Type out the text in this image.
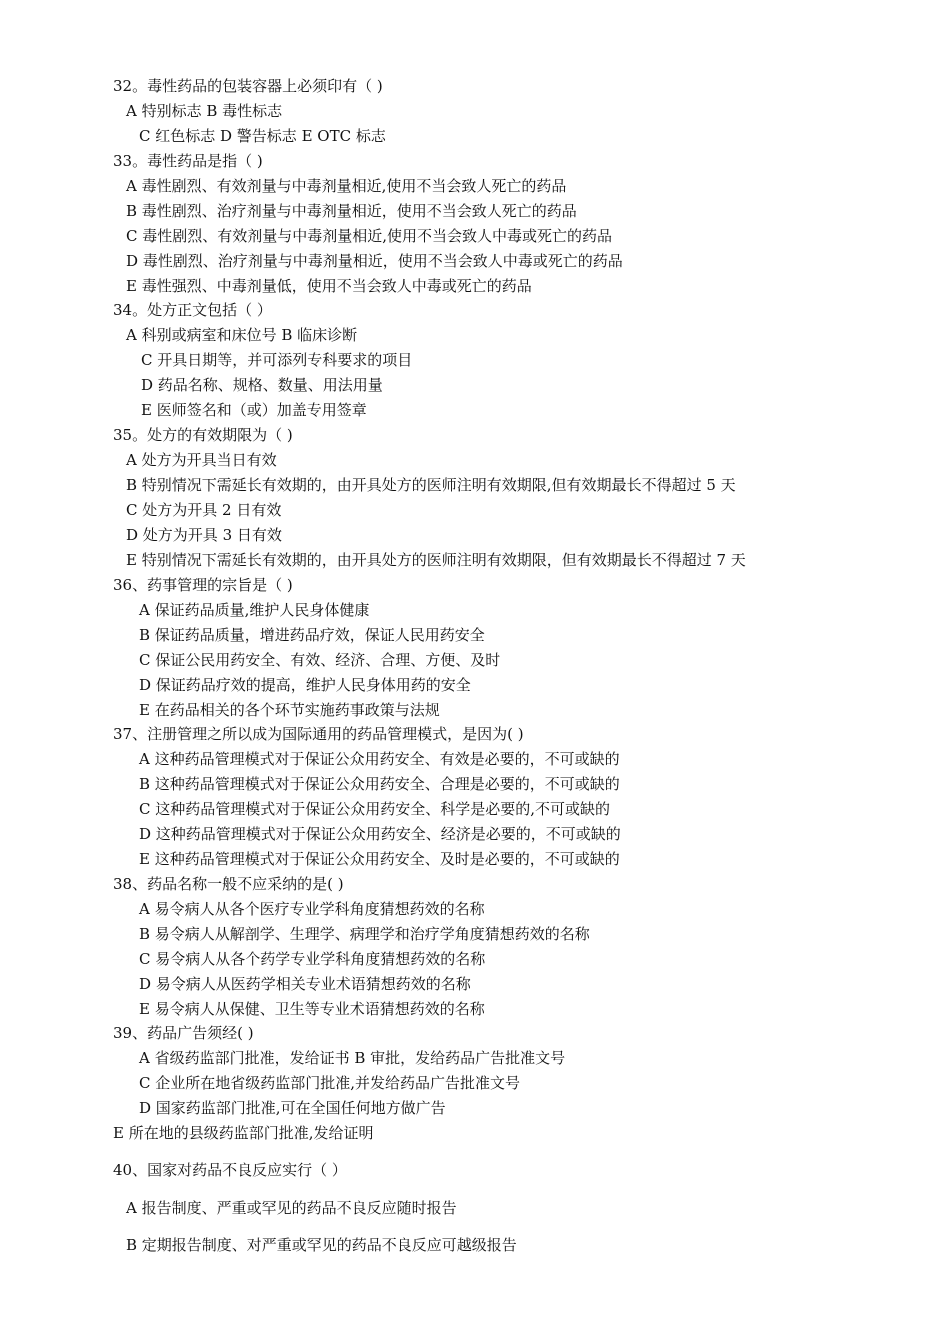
32。毒性药品的包装容器上必须印有（ )
A 特别标志 B 毒性标志
C 红色标志 D 警告标志 E OTC 标志
33。毒性药品是指（ )
A 毒性剧烈、有效剂量与中毒剂量相近,使用不当会致人死亡的药品
B 毒性剧烈、治疗剂量与中毒剂量相近，使用不当会致人死亡的药品
C 毒性剧烈、有效剂量与中毒剂量相近,使用不当会致人中毒或死亡的药品
D 毒性剧烈、治疗剂量与中毒剂量相近，使用不当会致人中毒或死亡的药品
E 毒性强烈、中毒剂量低，使用不当会致人中毒或死亡的药品
34。处方正文包括（ ）
A 科别或病室和床位号 B 临床诊断
C 开具日期等，并可添列专科要求的项目
D 药品名称、规格、数量、用法用量
E 医师签名和（或）加盖专用签章
35。处方的有效期限为（ )
A 处方为开具当日有效
B 特别情况下需延长有效期的，由开具处方的医师注明有效期限,但有效期最长不得超过 5 天
C 处方为开具 2 日有效
D 处方为开具 3 日有效
E 特别情况下需延长有效期的，由开具处方的医师注明有效期限，但有效期最长不得超过 7 天
36、药事管理的宗旨是（ )
A 保证药品质量,维护人民身体健康
B 保证药品质量，增进药品疗效，保证人民用药安全
C 保证公民用药安全、有效、经济、合理、方便、及时
D 保证药品疗效的提高，维护人民身体用药的安全
E 在药品相关的各个环节实施药事政策与法规
37、注册管理之所以成为国际通用的药品管理模式，是因为( )
A 这种药品管理模式对于保证公众用药安全、有效是必要的，不可或缺的
B 这种药品管理模式对于保证公众用药安全、合理是必要的，不可或缺的
C 这种药品管理模式对于保证公众用药安全、科学是必要的,不可或缺的
D 这种药品管理模式对于保证公众用药安全、经济是必要的，不可或缺的
E 这种药品管理模式对于保证公众用药安全、及时是必要的，不可或缺的
38、药品名称一般不应采纳的是( )
A 易令病人从各个医疗专业学科角度猜想药效的名称
B 易令病人从解剖学、生理学、病理学和治疗学角度猜想药效的名称
C 易令病人从各个药学专业学科角度猜想药效的名称
D 易令病人从医药学相关专业术语猜想药效的名称
E 易令病人从保健、卫生等专业术语猜想药效的名称
39、药品广告须经( )
A 省级药监部门批准，发给证书 B 审批，发给药品广告批准文号
C 企业所在地省级药监部门批准,并发给药品广告批准文号
D 国家药监部门批准,可在全国任何地方做广告
E 所在地的县级药监部门批准,发给证明
40、国家对药品不良反应实行（ ）
A 报告制度、严重或罕见的药品不良反应随时报告
B 定期报告制度、对严重或罕见的药品不良反应可越级报告
